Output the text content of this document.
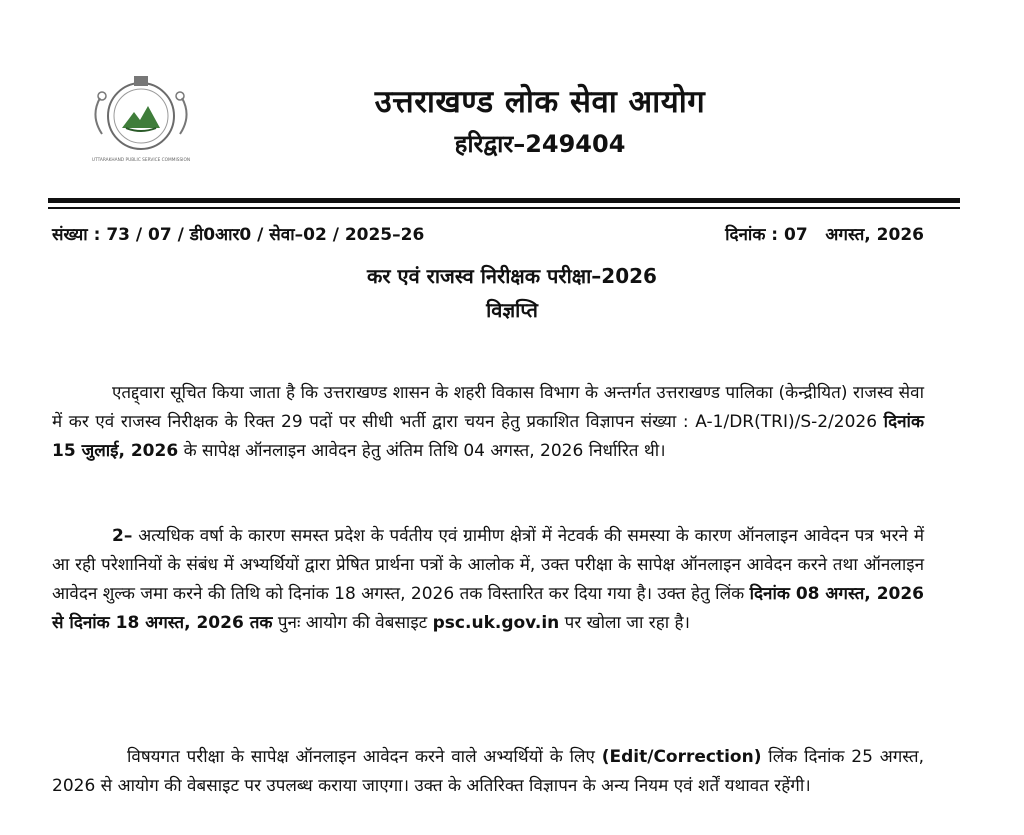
UTTARAKHAND PUBLIC SERVICE COMMISSION
उत्तराखण्ड लोक सेवा आयोग
हरिद्वार–249404
संख्या : 73 / 07 / डी0आर0 / सेवा–02 / 2025–26	दिनांक : 07   अगस्त, 2026
कर एवं राजस्व निरीक्षक परीक्षा–2026
विज्ञप्ति

एतद्द्वारा सूचित किया जाता है कि उत्तराखण्ड शासन के शहरी विकास विभाग के अन्तर्गत उत्तराखण्ड पालिका (केन्द्रीयित) राजस्व सेवा में कर एवं राजस्व निरीक्षक के रिक्त 29 पदों पर सीधी भर्ती द्वारा चयन हेतु प्रकाशित विज्ञापन संख्या : A-1/DR(TRI)/S-2/2026 दिनांक 15 जुलाई, 2026 के सापेक्ष ऑनलाइन आवेदन हेतु अंतिम तिथि 04 अगस्त, 2026 निर्धारित थी।

2– अत्यधिक वर्षा के कारण समस्त प्रदेश के पर्वतीय एवं ग्रामीण क्षेत्रों में नेटवर्क की समस्या के कारण ऑनलाइन आवेदन पत्र भरने में आ रही परेशानियों के संबंध में अभ्यर्थियों द्वारा प्रेषित प्रार्थना पत्रों के आलोक में, उक्त परीक्षा के सापेक्ष ऑनलाइन आवेदन करने तथा ऑनलाइन आवेदन शुल्क जमा करने की तिथि को दिनांक 18 अगस्त, 2026 तक विस्तारित कर दिया गया है। उक्त हेतु लिंक दिनांक 08 अगस्त, 2026 से दिनांक 18 अगस्त, 2026 तक पुनः आयोग की वेबसाइट psc.uk.gov.in पर खोला जा रहा है।

विषयगत परीक्षा के सापेक्ष ऑनलाइन आवेदन करने वाले अभ्यर्थियों के लिए (Edit/Correction) लिंक दिनांक 25 अगस्त, 2026 से आयोग की वेबसाइट पर उपलब्ध कराया जाएगा। उक्त के अतिरिक्त विज्ञापन के अन्य नियम एवं शर्तें यथावत रहेंगी।
